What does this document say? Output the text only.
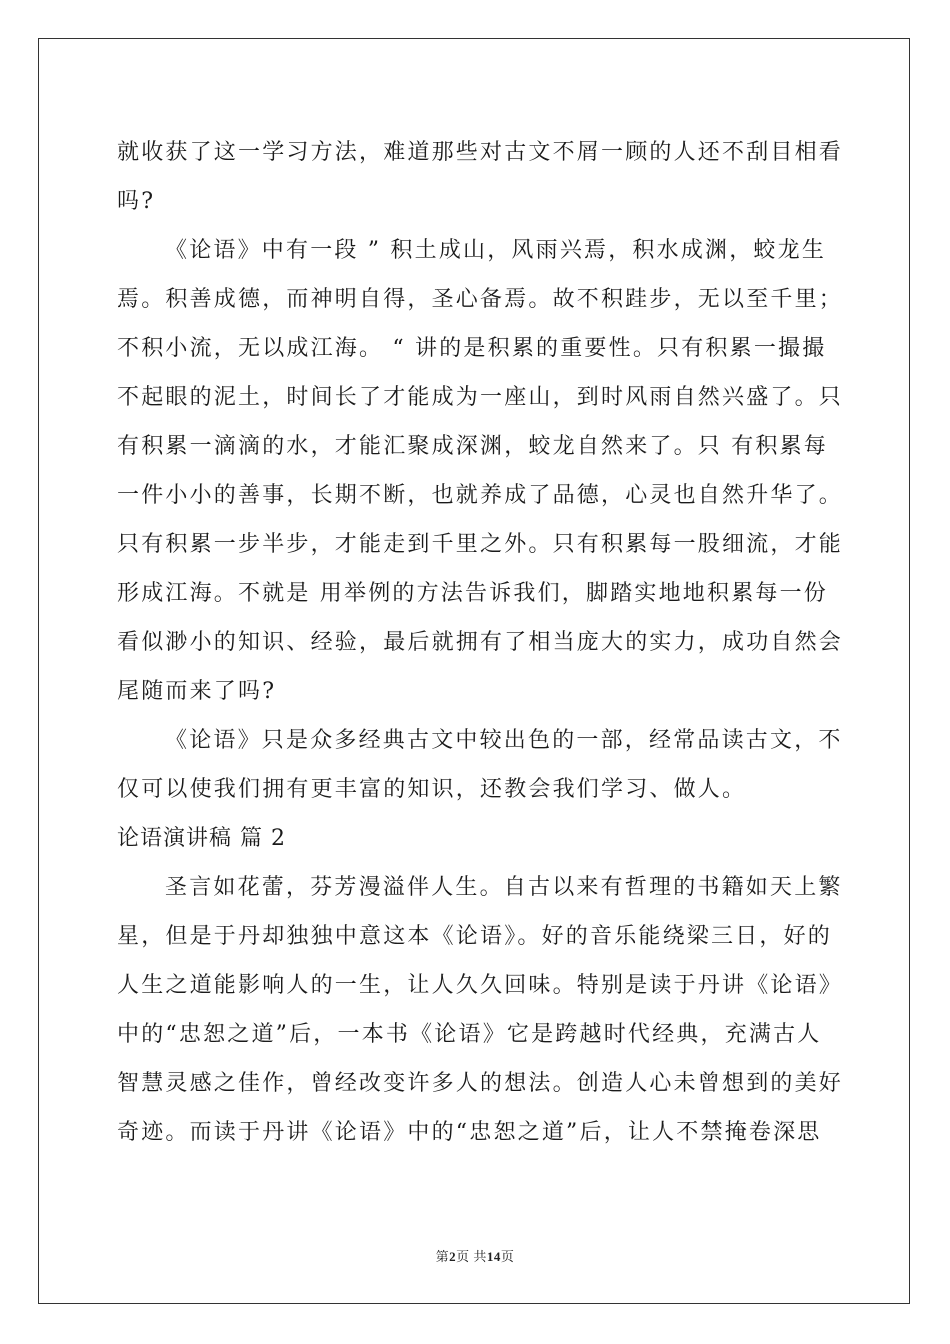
就收获了这一学习方法，难道那些对古文不屑一顾的人还不刮目相看
吗?
《论语》中有一段 ” 积土成山，风雨兴焉，积水成渊，蛟龙生
焉。积善成德，而神明自得，圣心备焉。故不积跬步，无以至千里；
不积小流，无以成江海。 “ 讲的是积累的重要性。只有积累一撮撮
不起眼的泥土，时间长了才能成为一座山，到时风雨自然兴盛了。只
有积累一滴滴的水，才能汇聚成深渊，蛟龙自然来了。只 有积累每
一件小小的善事，长期不断，也就养成了品德，心灵也自然升华了。
只有积累一步半步，才能走到千里之外。只有积累每一股细流，才能
形成江海。不就是 用举例的方法告诉我们，脚踏实地地积累每一份
看似渺小的知识、经验，最后就拥有了相当庞大的实力，成功自然会
尾随而来了吗?
《论语》只是众多经典古文中较出色的一部，经常品读古文，不
仅可以使我们拥有更丰富的知识，还教会我们学习、做人。
论语演讲稿 篇 2
圣言如花蕾，芬芳漫溢伴人生。自古以来有哲理的书籍如天上繁
星，但是于丹却独独中意这本《论语》。好的音乐能绕梁三日，好的
人生之道能影响人的一生，让人久久回味。特别是读于丹讲《论语》
中的“忠恕之道”后，一本书《论语》它是跨越时代经典，充满古人
智慧灵感之佳作，曾经改变许多人的想法。创造人心未曾想到的美好
奇迹。而读于丹讲《论语》中的“忠恕之道”后，让人不禁掩卷深思
第2页 共14页
